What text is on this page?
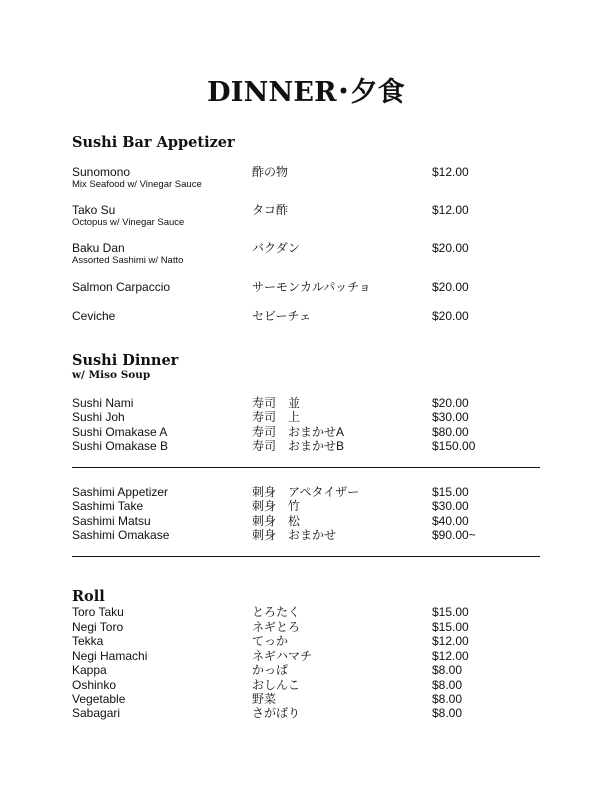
DINNER･夕食
Sushi Bar Appetizer
Sunomono	酢の物	$12.00
Mix Seafood w/ Vinegar Sauce
Tako Su	タコ酢	$12.00
Octopus w/ Vinegar Sauce
Baku Dan	バクダン	$20.00
Assorted Sashimi w/ Natto
Salmon Carpaccio	サーモンカルパッチョ	$20.00
Ceviche	セビーチェ	$20.00
Sushi Dinner
w/ Miso Soup
Sushi Nami	寿司　並	$20.00
Sushi Joh	寿司　上	$30.00
Sushi Omakase A	寿司　おまかせA	$80.00
Sushi Omakase B	寿司　おまかせB	$150.00
Sashimi Appetizer	刺身　アペタイザー	$15.00
Sashimi Take	刺身　竹	$30.00
Sashimi Matsu	刺身　松	$40.00
Sashimi Omakase	刺身　おまかせ	$90.00~
Roll
Toro Taku	とろたく	$15.00
Negi Toro	ネギとろ	$15.00
Tekka	てっか	$12.00
Negi Hamachi	ネギハマチ	$12.00
Kappa	かっぱ	$8.00
Oshinko	おしんこ	$8.00
Vegetable	野菜	$8.00
Sabagari	さがばり	$8.00
